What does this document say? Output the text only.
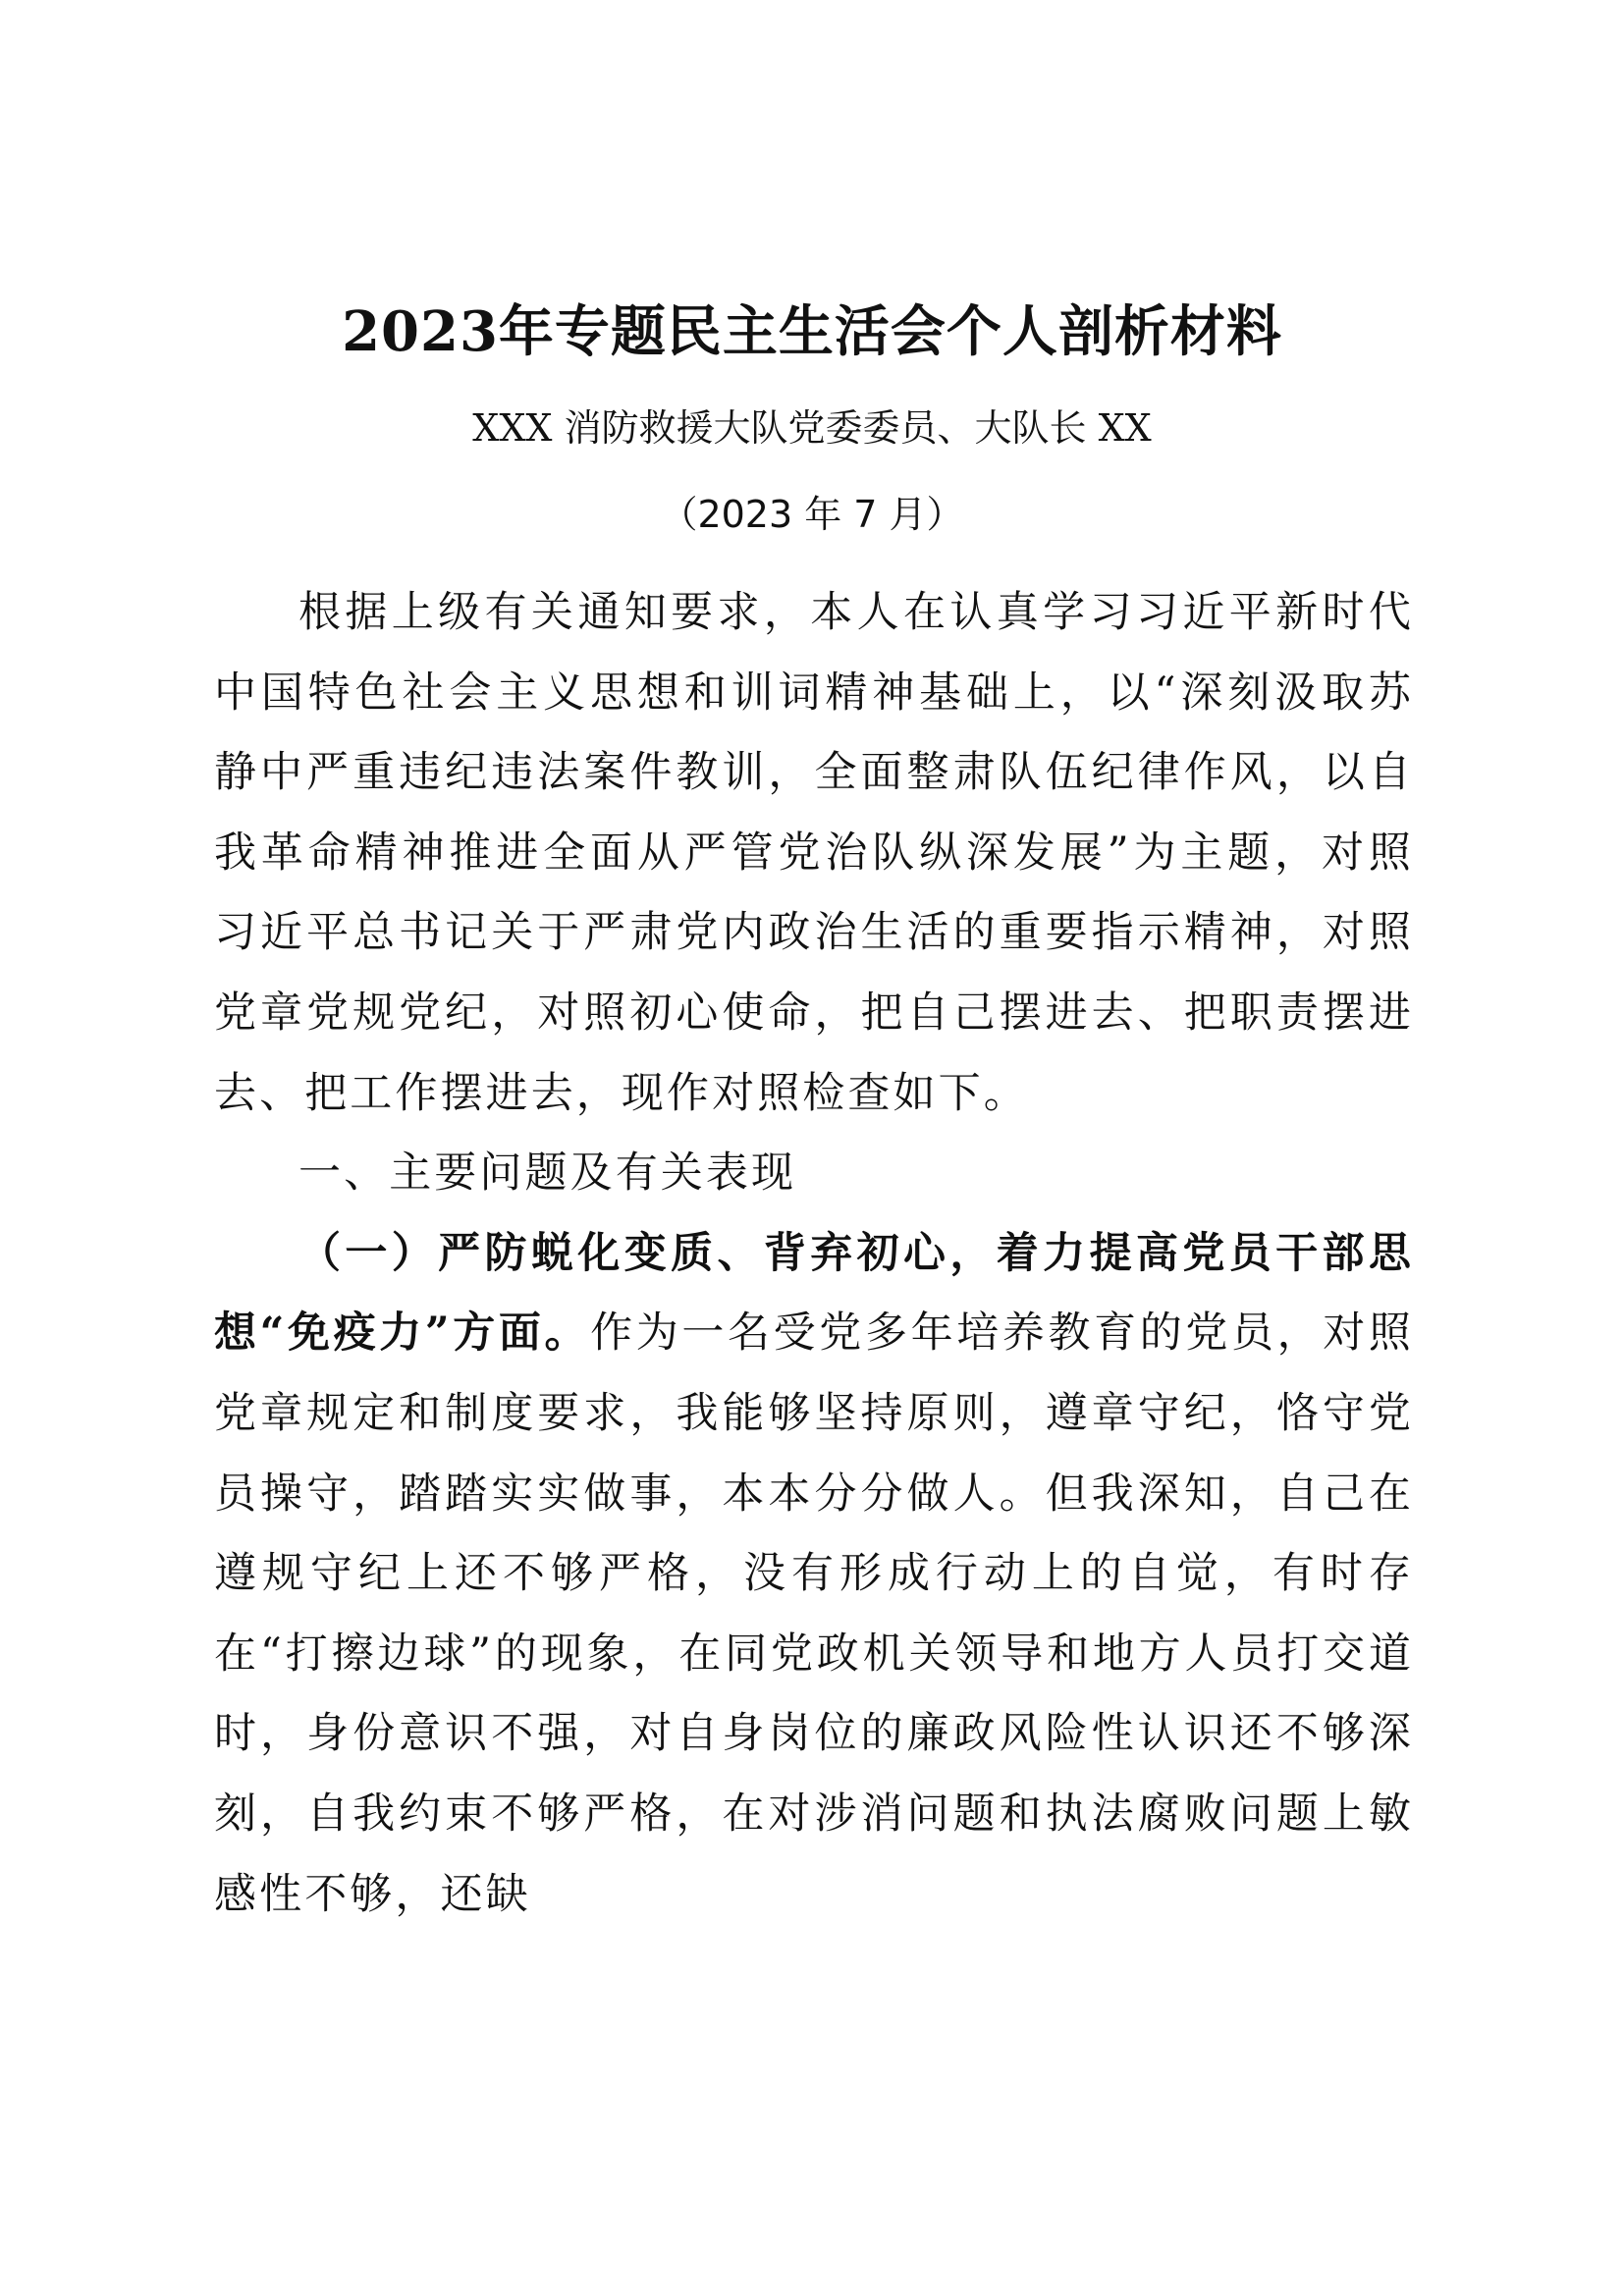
2023年专题民主生活会个人剖析材料

XXX 消防救援大队党委委员、大队长 XX

（2023 年 7 月）

根据上级有关通知要求，本人在认真学习习近平新时代中国特色社会主义思想和训词精神基础上，以“深刻汲取苏静中严重违纪违法案件教训，全面整肃队伍纪律作风，以自我革命精神推进全面从严管党治队纵深发展”为主题，对照习近平总书记关于严肃党内政治生活的重要指示精神，对照党章党规党纪，对照初心使命，把自己摆进去、把职责摆进去、把工作摆进去，现作对照检查如下。

一、主要问题及有关表现

（一）严防蜕化变质、背弃初心，着力提高党员干部思想“免疫力”方面。作为一名受党多年培养教育的党员，对照党章规定和制度要求，我能够坚持原则，遵章守纪，恪守党员操守，踏踏实实做事，本本分分做人。但我深知，自己在遵规守纪上还不够严格，没有形成行动上的自觉，有时存在“打擦边球”的现象，在同党政机关领导和地方人员打交道时，身份意识不强，对自身岗位的廉政风险性认识还不够深刻，自我约束不够严格，在对涉消问题和执法腐败问题上敏感性不够，还缺
